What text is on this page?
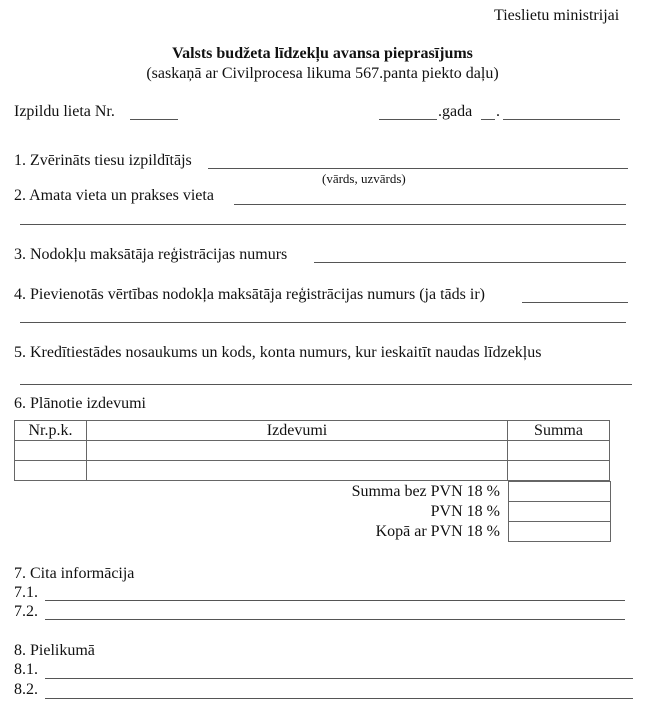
Tieslietu ministrijai
Valsts budžeta līdzekļu avansa pieprasījums
(saskaņā ar Civilprocesa likuma 567.panta piekto daļu)
Izpildu lieta Nr.	.gada .
1. Zvērināts tiesu izpildītājs
(vārds, uzvārds)
2. Amata vieta un prakses vieta
3. Nodokļu maksātāja reģistrācijas numurs
4. Pievienotās vērtības nodokļa maksātāja reģistrācijas numurs (ja tāds ir)
5. Kredītiestādes nosaukums un kods, konta numurs, kur ieskaitīt naudas līdzekļus
6. Plānotie izdevumi
Nr.p.k.	Izdevumi	Summa

Summa bez PVN 18 %	
PVN 18 %	
Kopā ar PVN 18 %	
7. Cita informācija
7.1.
7.2.
8. Pielikumā
8.1.
8.2.
